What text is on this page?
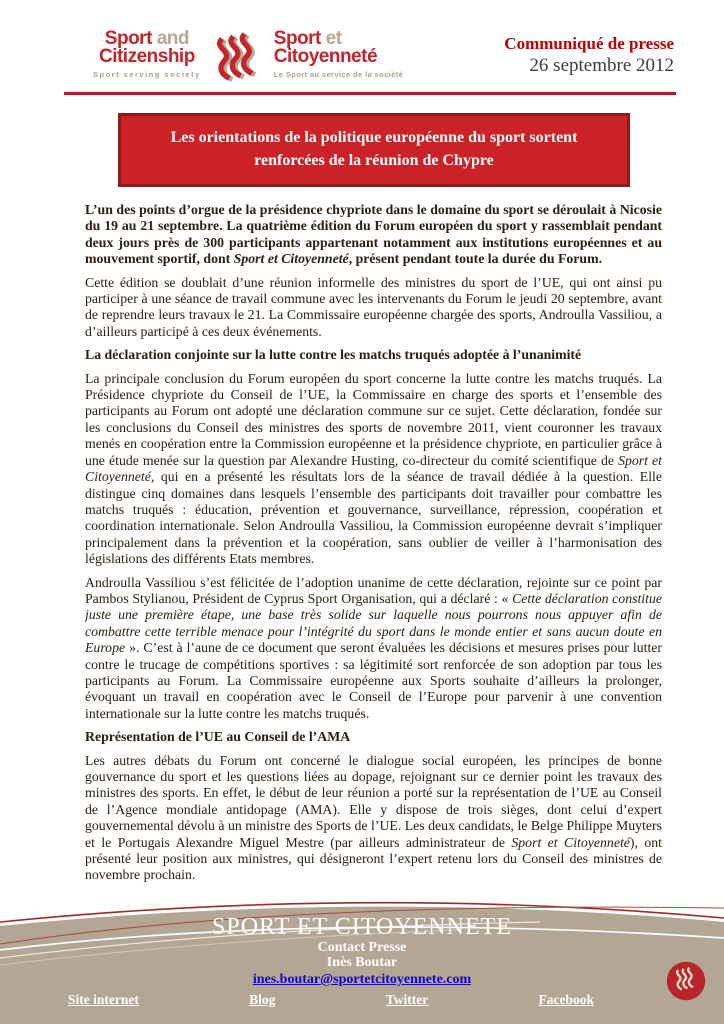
Sport and
Citizenship
Sport serving society
Sport et
Citoyenneté
Le Sport au service de la société
Communiqué de presse
26 septembre 2012
Les orientations de la politique européenne du sport sortent renforcées de la réunion de Chypre

L’un des points d’orgue de la présidence chypriote dans le domaine du sport se déroulait à Nicosie du 19 au 21 septembre. La quatrième édition du Forum européen du sport y rassemblait pendant deux jours près de 300 participants appartenant notamment aux institutions européennes et au mouvement sportif, dont Sport et Citoyenneté, présent pendant toute la durée du Forum.

Cette édition se doublait d’une réunion informelle des ministres du sport de l’UE, qui ont ainsi pu participer à une séance de travail commune avec les intervenants du Forum le jeudi 20 septembre, avant de reprendre leurs travaux le 21. La Commissaire européenne chargée des sports, Androulla Vassiliou, a d’ailleurs participé à ces deux événements.

La déclaration conjointe sur la lutte contre les matchs truqués adoptée à l’unanimité

La principale conclusion du Forum européen du sport concerne la lutte contre les matchs truqués. La Présidence chypriote du Conseil de l’UE, la Commissaire en charge des sports et l’ensemble des participants au Forum ont adopté une déclaration commune sur ce sujet. Cette déclaration, fondée sur les conclusions du Conseil des ministres des sports de novembre 2011, vient couronner les travaux menés en coopération entre la Commission européenne et la présidence chypriote, en particulier grâce à une étude menée sur la question par Alexandre Husting, co-directeur du comité scientifique de Sport et Citoyenneté, qui en a présenté les résultats lors de la séance de travail dédiée à la question. Elle distingue cinq domaines dans lesquels l’ensemble des participants doit travailler pour combattre les matchs truqués : éducation, prévention et gouvernance, surveillance, répression, coopération et coordination internationale. Selon Androulla Vassiliou, la Commission européenne devrait s’impliquer principalement dans la prévention et la coopération, sans oublier de veiller à l’harmonisation des législations des différents Etats membres.

Androulla Vassiliou s’est félicitée de l’adoption unanime de cette déclaration, rejointe sur ce point par Pambos Stylianou, Président de Cyprus Sport Organisation, qui a déclaré : « Cette déclaration constitue juste une première étape, une base très solide sur laquelle nous pourrons nous appuyer afin de combattre cette terrible menace pour l’intégrité du sport dans le monde entier et sans aucun doute en Europe ». C’est à l’aune de ce document que seront évaluées les décisions et mesures prises pour lutter contre le trucage de compétitions sportives : sa légitimité sort renforcée de son adoption par tous les participants au Forum. La Commissaire européenne aux Sports souhaite d’ailleurs la prolonger, évoquant un travail en coopération avec le Conseil de l’Europe pour parvenir à une convention internationale sur la lutte contre les matchs truqués.

Représentation de l’UE au Conseil de l’AMA

Les autres débats du Forum ont concerné le dialogue social européen, les principes de bonne gouvernance du sport et les questions liées au dopage, rejoignant sur ce dernier point les travaux des ministres des sports. En effet, le début de leur réunion a porté sur la représentation de l’UE au Conseil de l’Agence mondiale antidopage (AMA). Elle y dispose de trois sièges, dont celui d’expert gouvernemental dévolu à un ministre des Sports de l’UE. Les deux candidats, le Belge Philippe Muyters et le Portugais Alexandre Miguel Mestre (par ailleurs administrateur de Sport et Citoyenneté), ont présenté leur position aux ministres, qui désigneront l’expert retenu lors du Conseil des ministres de novembre prochain.

SPORT ET CITOYENNETE
Contact Presse
Inès Boutar
ines.boutar@sportetcitoyennete.com
Site internet	Blog	Twitter	Facebook
